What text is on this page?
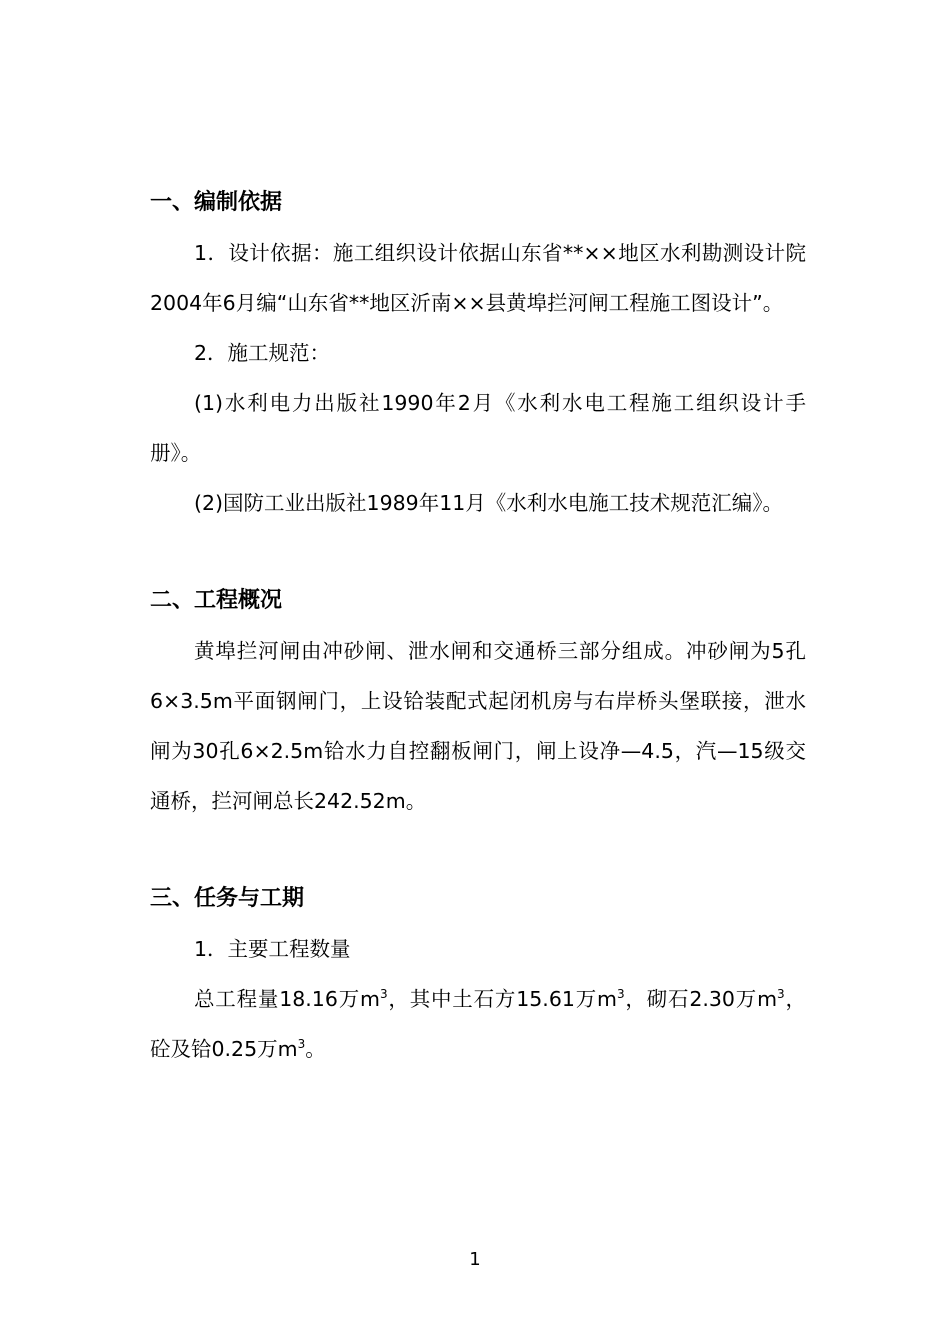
一、编制依据

1．设计依据：施工组织设计依据山东省**××地区水利勘测设计院2004年6月编“山东省**地区沂南××县黄埠拦河闸工程施工图设计”。

2．施工规范：

(1)水利电力出版社1990年2月《水利水电工程施工组织设计手册》。

(2)国防工业出版社1989年11月《水利水电施工技术规范汇编》。

二、工程概况

黄埠拦河闸由冲砂闸、泄水闸和交通桥三部分组成。冲砂闸为5孔6×3.5m平面钢闸门，上设铪装配式起闭机房与右岸桥头堡联接，泄水闸为30孔6×2.5m铪水力自控翻板闸门，闸上设净—4.5，汽—15级交通桥，拦河闸总长242.52m。

三、任务与工期

1．主要工程数量

总工程量18.16万$m^3$，其中土石方15.61万$m^3$，砌石2.30万$m^3$，砼及铪0.25万$m^3$。

1
